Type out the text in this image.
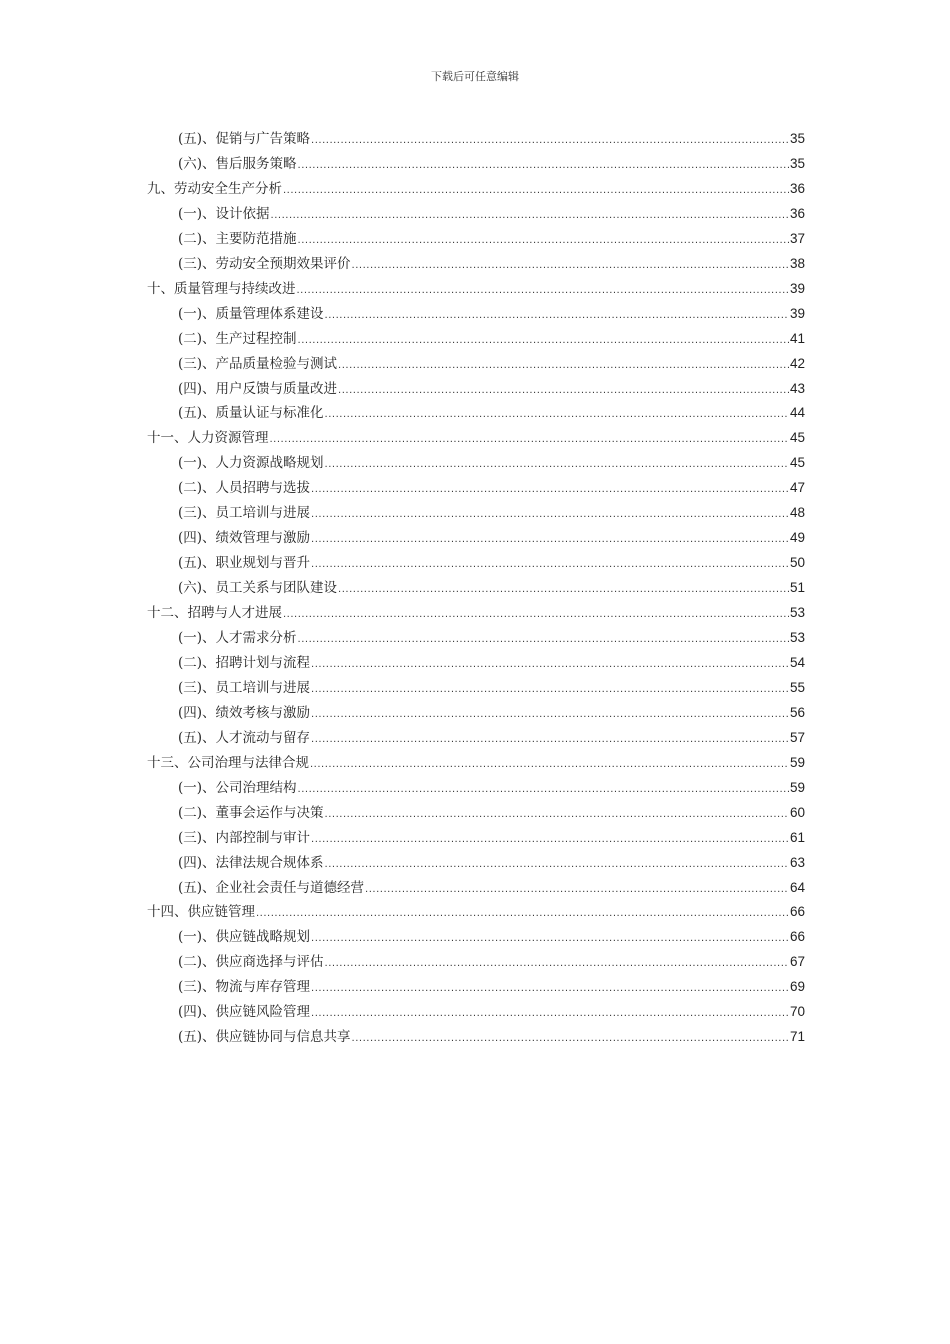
下载后可任意编辑
(五)、促销与广告策略 .....	35
(六)、售后服务策略 .....	35
九、劳动安全生产分析 .....	36
(一)、设计依据 .....	36
(二)、主要防范措施 .....	37
(三)、劳动安全预期效果评价 .....	38
十、质量管理与持续改进 .....	39
(一)、质量管理体系建设 .....	39
(二)、生产过程控制 .....	41
(三)、产品质量检验与测试 .....	42
(四)、用户反馈与质量改进 .....	43
(五)、质量认证与标准化 .....	44
十一、人力资源管理 .....	45
(一)、人力资源战略规划 .....	45
(二)、人员招聘与选拔 .....	47
(三)、员工培训与进展 .....	48
(四)、绩效管理与激励 .....	49
(五)、职业规划与晋升 .....	50
(六)、员工关系与团队建设 .....	51
十二、招聘与人才进展 .....	53
(一)、人才需求分析 .....	53
(二)、招聘计划与流程 .....	54
(三)、员工培训与进展 .....	55
(四)、绩效考核与激励 .....	56
(五)、人才流动与留存 .....	57
十三、公司治理与法律合规 .....	59
(一)、公司治理结构 .....	59
(二)、董事会运作与决策 .....	60
(三)、内部控制与审计 .....	61
(四)、法律法规合规体系 .....	63
(五)、企业社会责任与道德经营 .....	64
十四、供应链管理 .....	66
(一)、供应链战略规划 .....	66
(二)、供应商选择与评估 .....	67
(三)、物流与库存管理 .....	69
(四)、供应链风险管理 .....	70
(五)、供应链协同与信息共享 .....	71
